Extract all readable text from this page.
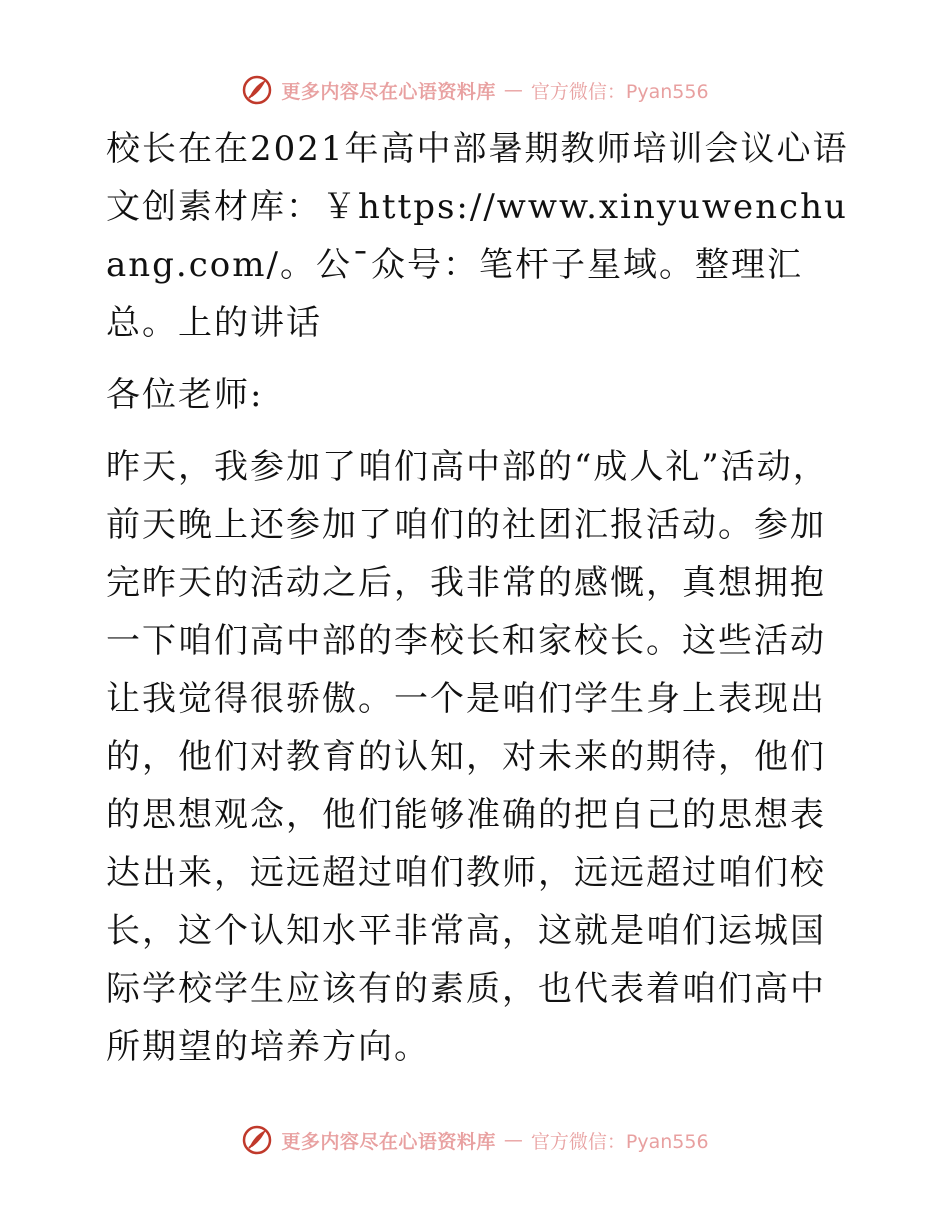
更多内容尽在心语资料库 — 官方微信：Pyan556

校长在在2021年高中部暑期教师培训会议心语文创素材库：￥https://www.xinyuwenchuang.com/。公¯众号：笔杆子星域。整理汇总。上的讲话

各位老师:

昨天，我参加了咱们高中部的“成人礼”活动，前天晚上还参加了咱们的社团汇报活动。参加完昨天的活动之后，我非常的感慨，真想拥抱一下咱们高中部的李校长和家校长。这些活动让我觉得很骄傲。一个是咱们学生身上表现出的，他们对教育的认知，对未来的期待，他们的思想观念，他们能够准确的把自己的思想表达出来，远远超过咱们教师，远远超过咱们校长，这个认知水平非常高，这就是咱们运城国际学校学生应该有的素质，也代表着咱们高中所期望的培养方向。

更多内容尽在心语资料库 — 官方微信：Pyan556
